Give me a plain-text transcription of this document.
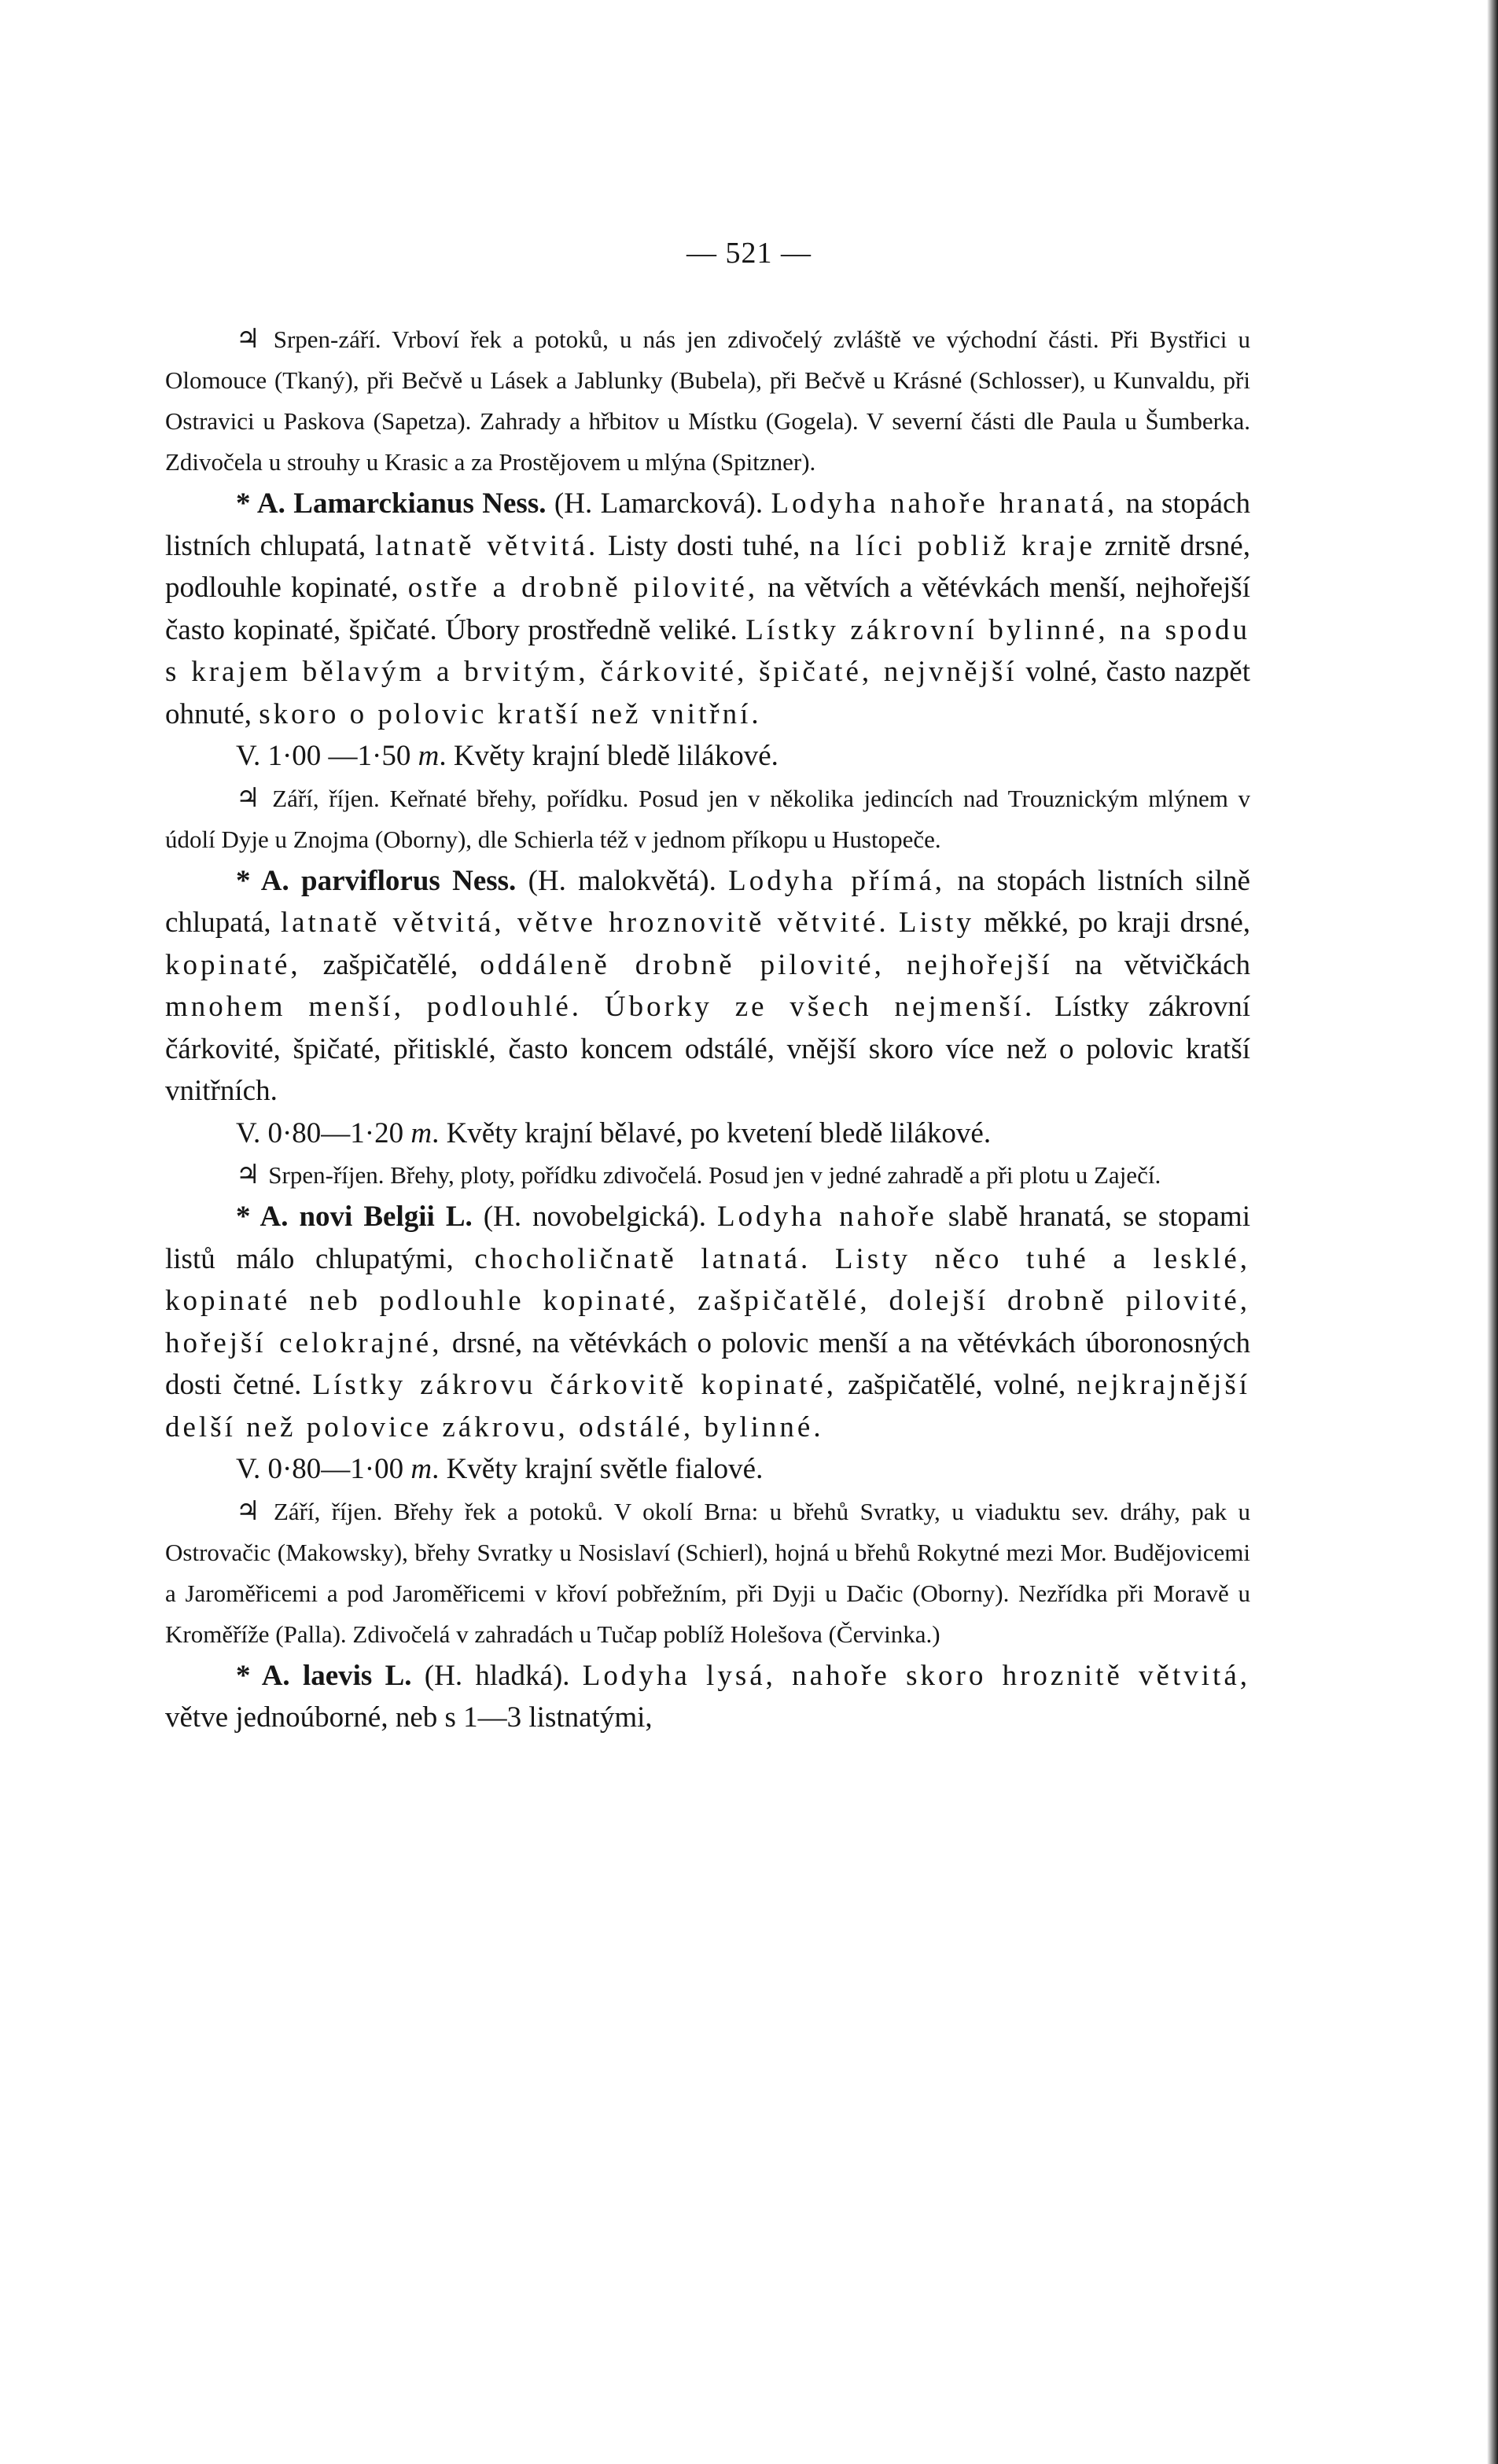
— 521 —

♃ Srpen-září. Vrboví řek a potoků, u nás jen zdivočelý zvláště ve východní části. Při Bystřici u Olomouce (Tkaný), při Bečvě u Lásek a Jablunky (Bubela), při Bečvě u Krásné (Schlosser), u Kunvaldu, při Ostravici u Paskova (Sapetza). Zahrady a hřbitov u Místku (Gogela). V severní části dle Paula u Šumberka. Zdivočela u strouhy u Krasic a za Prostějovem u mlýna (Spitzner).

* A. Lamarckianus Ness. (H. Lamarcková). Lodyha nahoře hranatá, na stopách listních chlupatá, latnatě větvitá. Listy dosti tuhé, na líci pobliž kraje zrnitě drsné, podlouhle kopinaté, ostře a drobně pilovité, na větvích a větévkách menší, nejhořejší často kopinaté, špičaté. Úbory prostředně veliké. Lístky zákrovní bylinné, na spodu s krajem bělavým a brvitým, čárkovité, špičaté, nejvnější volné, často nazpět ohnuté, skoro o polovic kratší než vnitřní.

V. 1·00 —1·50 m. Květy krajní bledě lilákové.

♃ Září, říjen. Keřnaté břehy, pořídku. Posud jen v několika jedincích nad Trouznickým mlýnem v údolí Dyje u Znojma (Oborny), dle Schierla též v jednom příkopu u Hustopeče.

* A. parviflorus Ness. (H. malokvětá). Lodyha přímá, na stopách listních silně chlupatá, latnatě větvitá, větve hroznovitě větvité. Listy měkké, po kraji drsné, kopinaté, zašpičatělé, oddáleně drobně pilovité, nejhořejší na větvičkách mnohem menší, podlouhlé. Úborky ze všech nejmenší. Lístky zákrovní čárkovité, špičaté, přitisklé, často koncem odstálé, vnější skoro více než o polovic kratší vnitřních.

V. 0·80—1·20 m. Květy krajní bělavé, po kvetení bledě lilákové.

♃ Srpen-říjen. Břehy, ploty, pořídku zdivočelá. Posud jen v jedné zahradě a při plotu u Zaječí.

* A. novi Belgii L. (H. novobelgická). Lodyha nahoře slabě hranatá, se stopami listů málo chlupatými, chocholičnatě latnatá. Listy něco tuhé a lesklé, kopinaté neb podlouhle kopinaté, zašpičatělé, dolejší drobně pilovité, hořejší celokrajné, drsné, na větévkách o polovic menší a na větévkách úboronosných dosti četné. Lístky zákrovu čárkovitě kopinaté, zašpičatělé, volné, nejkrajnější delší než polovice zákrovu, odstálé, bylinné.

V. 0·80—1·00 m. Květy krajní světle fialové.

♃ Září, říjen. Břehy řek a potoků. V okolí Brna: u břehů Svratky, u viaduktu sev. dráhy, pak u Ostrovačic (Makowsky), břehy Svratky u Nosislaví (Schierl), hojná u břehů Rokytné mezi Mor. Budějovicemi a Jaroměřicemi a pod Jaroměřicemi v křoví pobřežním, při Dyji u Dačic (Oborny). Nezřídka při Moravě u Kroměříže (Palla). Zdivočelá v zahradách u Tučap poblíž Holešova (Červinka.)

* A. laevis L. (H. hladká). Lodyha lysá, nahoře skoro hroznitě větvitá, větve jednoúborné, neb s 1—3 listnatými,
